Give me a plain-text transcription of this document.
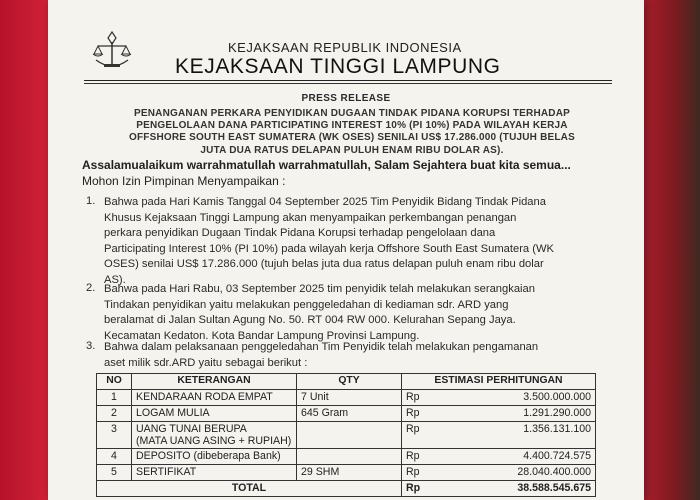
KEJAKSAAN REPUBLIK INDONESIA
KEJAKSAAN TINGGI LAMPUNG
PRESS RELEASE
PENANGANAN PERKARA PENYIDIKAN DUGAAN TINDAK PIDANA KORUPSI TERHADAP
PENGELOLAAN DANA PARTICIPATING INTEREST 10% (PI 10%) PADA WILAYAH KERJA
OFFSHORE SOUTH EAST SUMATERA (WK OSES) SENILAI US$ 17.286.000 (TUJUH BELAS
JUTA DUA RATUS DELAPAN PULUH ENAM RIBU DOLAR AS).
Assalamualaikum warrahmatullah warrahmatullah, Salam Sejahtera buat kita semua...
Mohon Izin Pimpinan Menyampaikan :
1. Bahwa pada Hari Kamis Tanggal 04 September 2025 Tim Penyidik Bidang Tindak Pidana
Khusus Kejaksaan Tinggi Lampung akan menyampaikan perkembangan penangan
perkara penyidikan Dugaan Tindak Pidana Korupsi terhadap pengelolaan dana
Participating Interest 10% (PI 10%) pada wilayah kerja Offshore South East Sumatera (WK
OSES) senilai US$ 17.286.000 (tujuh belas juta dua ratus delapan puluh enam ribu dolar
AS).
2. Bahwa pada Hari Rabu, 03 September 2025 tim penyidik telah melakukan serangkaian
Tindakan penyidikan yaitu melakukan penggeledahan di kediaman sdr. ARD yang
beralamat di Jalan Sultan Agung No. 50. RT 004 RW 000. Kelurahan Sepang Jaya.
Kecamatan Kedaton. Kota Bandar Lampung Provinsi Lampung.
3. Bahwa dalam pelaksanaan penggeledahan Tim Penyidik telah melakukan pengamanan
aset milik sdr.ARD yaitu sebagai berikut :
NO	KETERANGAN	QTY	ESTIMASI PERHITUNGAN	
1	KENDARAAN RODA EMPAT	7 Unit	Rp	3.500.000.000
2	LOGAM MULIA	645 Gram	Rp	1.291.290.000
3	UANG TUNAI BERUPA
(MATA UANG ASING + RUPIAH)		Rp	1.356.131.100
4	DEPOSITO (dibeberapa Bank)		Rp	4.400.724.575
5	SERTIFIKAT	29 SHM	Rp	28.040.400.000
TOTAL			Rp	38.588.545.675
